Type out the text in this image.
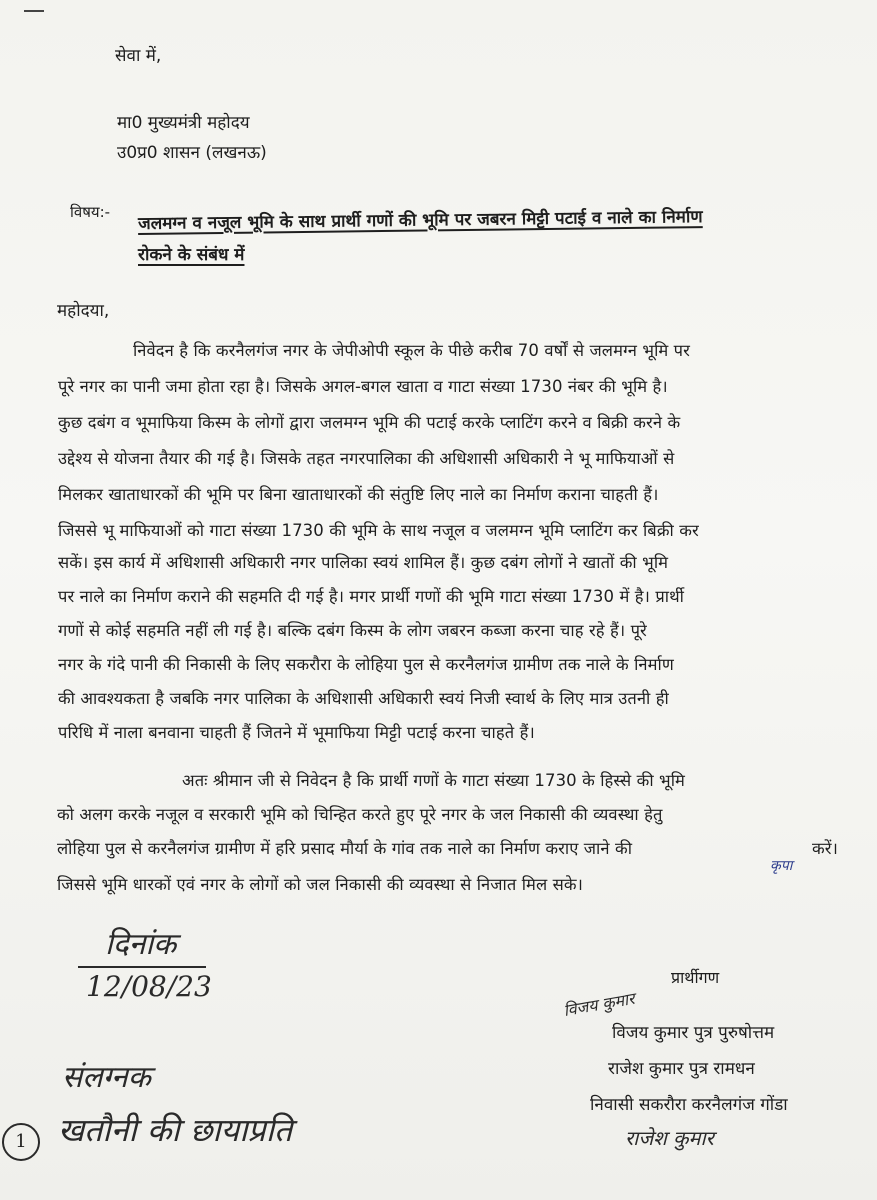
सेवा में,
मा0 मुख्यमंत्री महोदय
उ0प्र0 शासन (लखनऊ)
विषय:- जलमग्न व नजूल भूमि के साथ प्रार्थी गणों की भूमि पर जबरन मिट्टी पटाई व नाले का निर्माण
रोकने के संबंध में
महोदया,
निवेदन है कि करनैलगंज नगर के जेपीओपी स्कूल के पीछे करीब 70 वर्षों से जलमग्न भूमि पर
पूरे नगर का पानी जमा होता रहा है। जिसके अगल-बगल खाता व गाटा संख्या 1730 नंबर की भूमि है।
कुछ दबंग व भूमाफिया किस्म के लोगों द्वारा जलमग्न भूमि की पटाई करके प्लाटिंग करने व बिक्री करने के
उद्देश्य से योजना तैयार की गई है। जिसके तहत नगरपालिका की अधिशासी अधिकारी ने भू माफियाओं से
मिलकर खाताधारकों की भूमि पर बिना खाताधारकों की संतुष्टि लिए नाले का निर्माण कराना चाहती हैं।
जिससे भू माफियाओं को गाटा संख्या 1730 की भूमि के साथ नजूल व जलमग्न भूमि प्लाटिंग कर बिक्री कर
सकें। इस कार्य में अधिशासी अधिकारी नगर पालिका स्वयं शामिल हैं। कुछ दबंग लोगों ने खातों की भूमि
पर नाले का निर्माण कराने की सहमति दी गई है। मगर प्रार्थी गणों की भूमि गाटा संख्या 1730 में है। प्रार्थी
गणों से कोई सहमति नहीं ली गई है। बल्कि दबंग किस्म के लोग जबरन कब्जा करना चाह रहे हैं। पूरे
नगर के गंदे पानी की निकासी के लिए सकरौरा के लोहिया पुल से करनैलगंज ग्रामीण तक नाले के निर्माण
की आवश्यकता है जबकि नगर पालिका के अधिशासी अधिकारी स्वयं निजी स्वार्थ के लिए मात्र उतनी ही
परिधि में नाला बनवाना चाहती हैं जितने में भूमाफिया मिट्टी पटाई करना चाहते हैं।
अतः श्रीमान जी से निवेदन है कि प्रार्थी गणों के गाटा संख्या 1730 के हिस्से की भूमि
को अलग करके नजूल व सरकारी भूमि को चिन्हित करते हुए पूरे नगर के जल निकासी की व्यवस्था हेतु
लोहिया पुल से करनैलगंज ग्रामीण में हरि प्रसाद मौर्या के गांव तक नाले का निर्माण कराए जाने की	करें।
जिससे भूमि धारकों एवं नगर के लोगों को जल निकासी की व्यवस्था से निजात मिल सके।
कृपा
दिनांक
12/08/23
संलग्नक
1 खतौनी की छायाप्रति
विजय कुमार
प्रार्थीगण
विजय कुमार पुत्र पुरुषोत्तम
राजेश कुमार पुत्र रामधन
निवासी सकरौरा करनैलगंज गोंडा
राजेश कुमार
